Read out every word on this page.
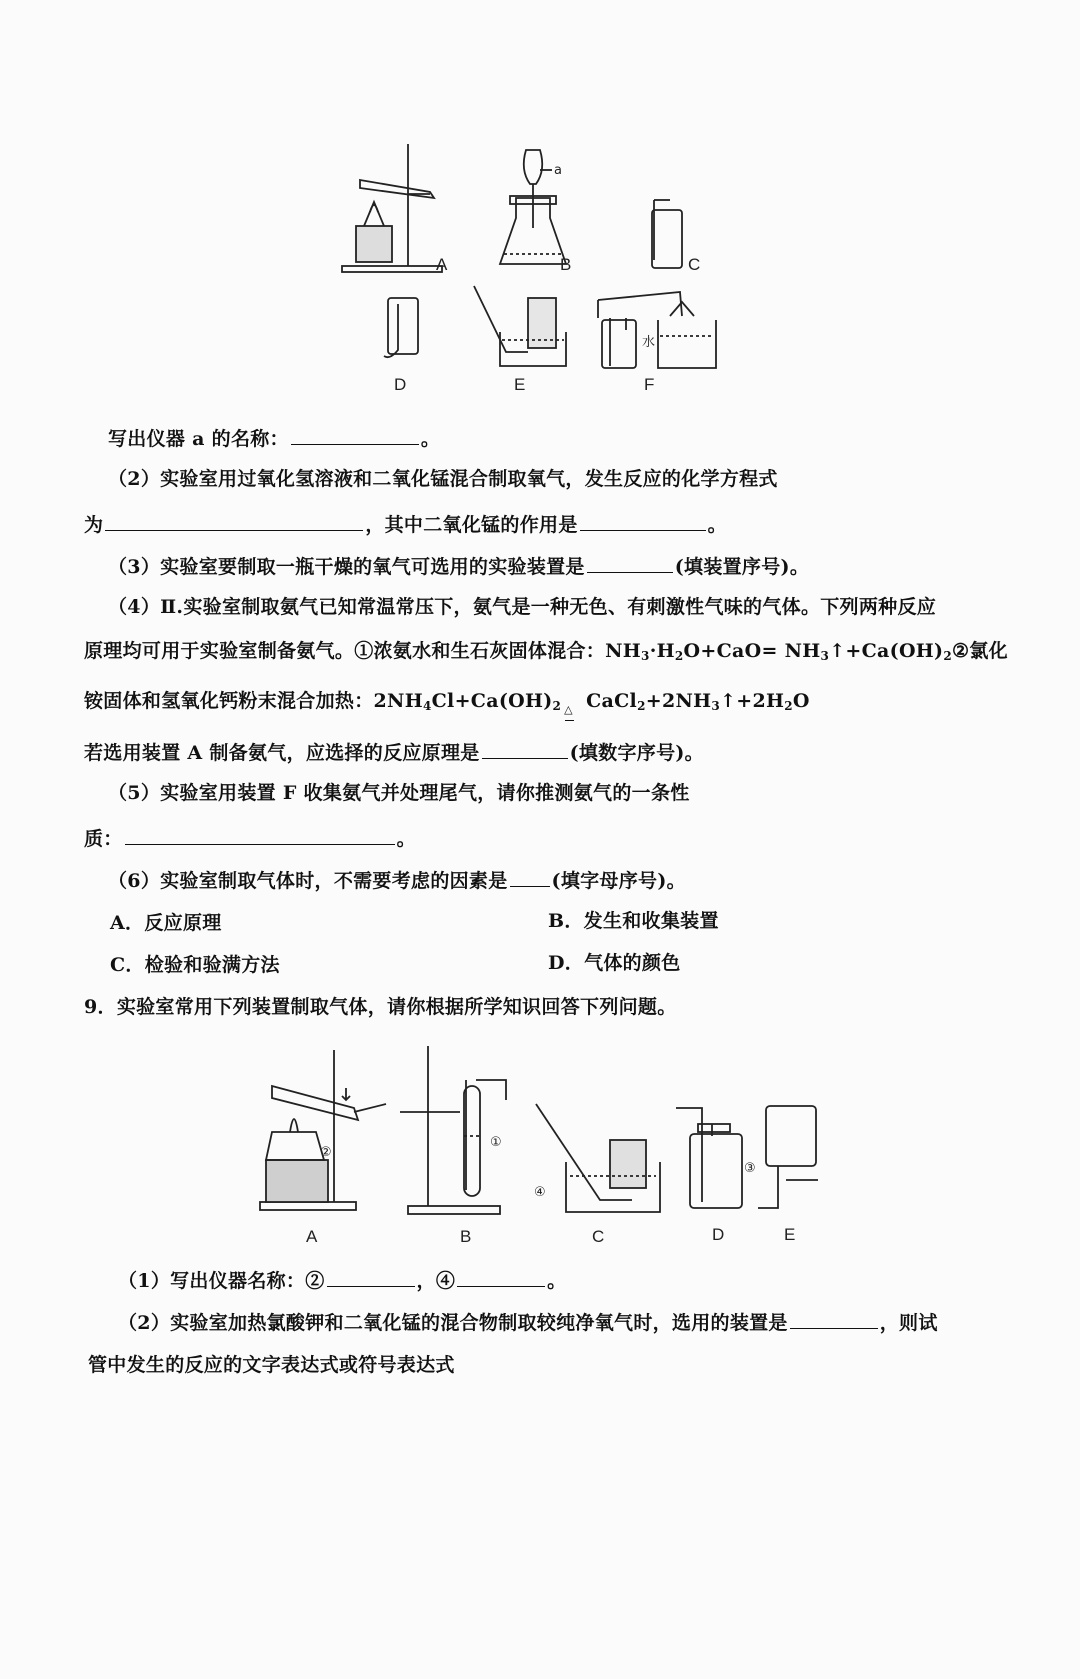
A	B
a
C
D	E	F
水
写出仪器 a 的名称：	。
（2）实验室用过氧化氢溶液和二氧化锰混合制取氧气，发生反应的化学方程式
为	，其中二氧化锰的作用是	。
（3）实验室要制取一瓶干燥的氧气可选用的实验装置是	(填装置序号)。
（4）Ⅱ.实验室制取氨气已知常温常压下，氨气是一种无色、有刺激性气味的气体。下列两种反应
原理均可用于实验室制备氨气。①浓氨水和生石灰固体混合：$NH_3\cdot H_2O+CaO=$ $NH_3↑+Ca(OH)_2②$氯化
铵固体和氢氧化钙粉末混合加热：$2NH_4Cl+Ca(OH)_2$ △ $CaCl_2+2NH_3↑+2H_2O$
若选用装置 A 制备氨气，应选择的反应原理是	(填数字序号)。
（5）实验室用装置 F 收集氨气并处理尾气，请你推测氨气的一条性
质：	。
（6）实验室制取气体时，不需要考虑的因素是 (填字母序号)。
A．反应原理	B．发生和收集装置
C．检验和验满方法	D．气体的颜色
9．实验室常用下列装置制取气体，请你根据所学知识回答下列问题。
②
①
④
③
A	B	C	D	E
（1）写出仪器名称：②	，④	。
（2）实验室加热氯酸钾和二氧化锰的混合物制取较纯净氧气时，选用的装置是	，则试
管中发生的反应的文字表达式或符号表达式
